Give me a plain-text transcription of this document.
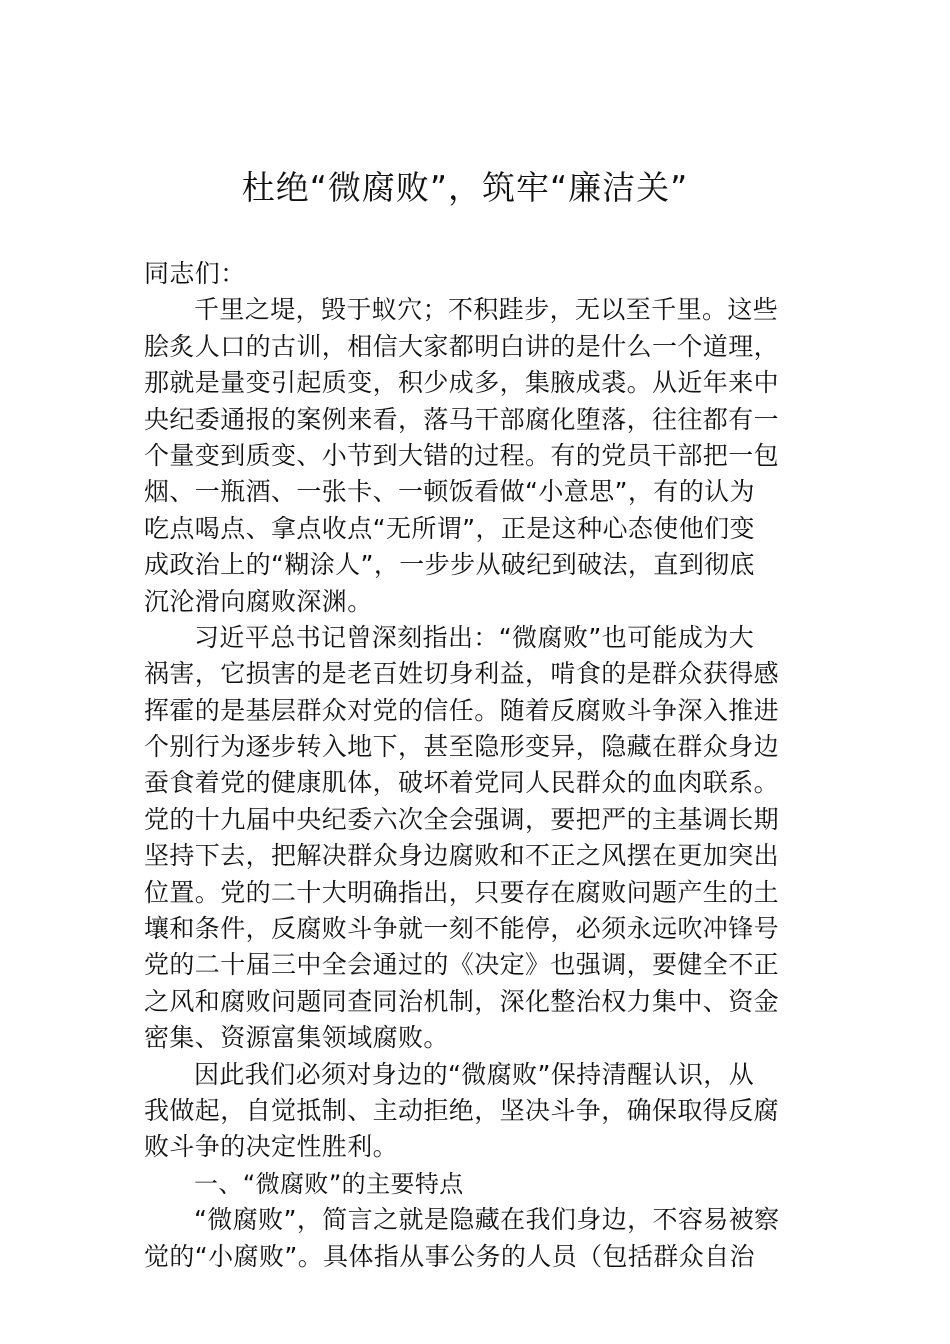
杜绝“微腐败”，筑牢“廉洁关”
同志们：
千里之堤，毁于蚁穴；不积跬步，无以至千里。这些
脍炙人口的古训，相信大家都明白讲的是什么一个道理，
那就是量变引起质变，积少成多，集腋成裘。从近年来中
央纪委通报的案例来看，落马干部腐化堕落，往往都有一
个量变到质变、小节到大错的过程。有的党员干部把一包
烟、一瓶酒、一张卡、一顿饭看做“小意思”，有的认为
吃点喝点、拿点收点“无所谓”，正是这种心态使他们变
成政治上的“糊涂人”，一步步从破纪到破法，直到彻底
沉沦滑向腐败深渊。
习近平总书记曾深刻指出：“微腐败”也可能成为大
祸害，它损害的是老百姓切身利益，啃食的是群众获得感
挥霍的是基层群众对党的信任。随着反腐败斗争深入推进
个别行为逐步转入地下，甚至隐形变异，隐藏在群众身边
蚕食着党的健康肌体，破坏着党同人民群众的血肉联系。
党的十九届中央纪委六次全会强调，要把严的主基调长期
坚持下去，把解决群众身边腐败和不正之风摆在更加突出
位置。党的二十大明确指出，只要存在腐败问题产生的土
壤和条件，反腐败斗争就一刻不能停，必须永远吹冲锋号
党的二十届三中全会通过的《决定》也强调，要健全不正
之风和腐败问题同查同治机制，深化整治权力集中、资金
密集、资源富集领域腐败。
因此我们必须对身边的“微腐败”保持清醒认识，从
我做起，自觉抵制、主动拒绝，坚决斗争，确保取得反腐
败斗争的决定性胜利。
一、“微腐败”的主要特点
“微腐败”，简言之就是隐藏在我们身边，不容易被察
觉的“小腐败”。具体指从事公务的人员（包括群众自治
